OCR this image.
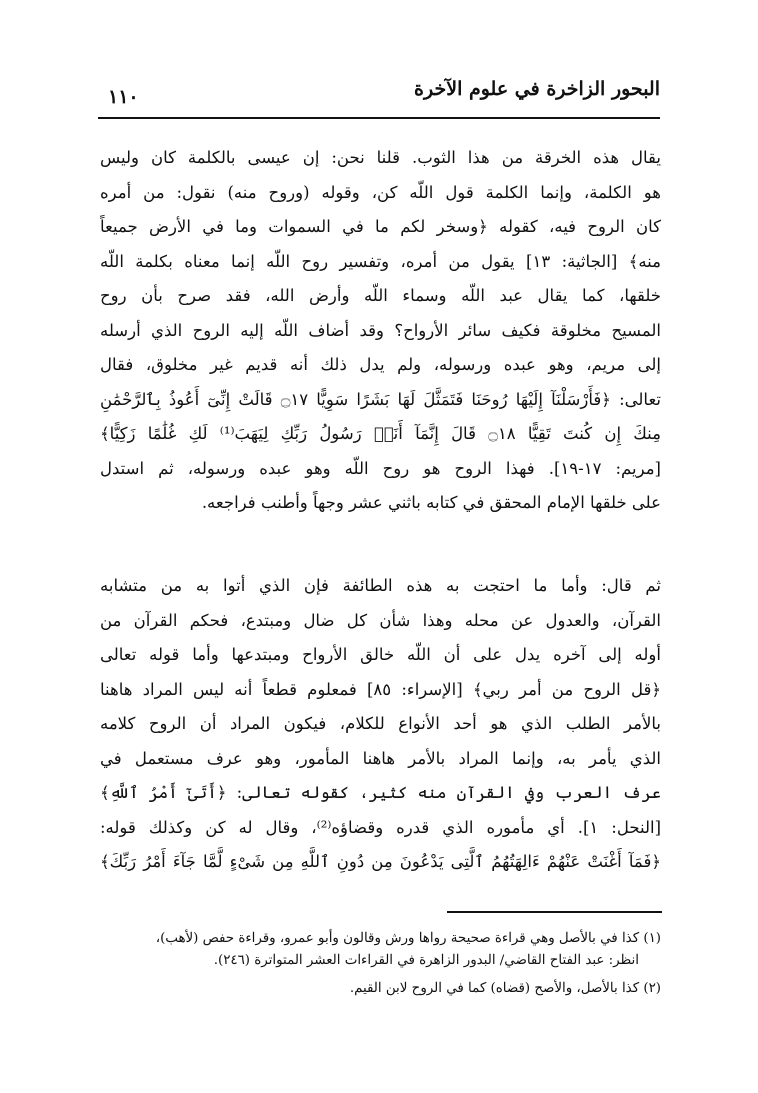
البحور الزاخرة في علوم الآخرة
١١٠
يقال هذه الخرقة من هذا الثوب. قلنا نحن: إن عيسى بالكلمة كان وليس
هو الكلمة، وإنما الكلمة قول اللّه كن، وقوله (وروح منه) نقول: من أمره
كان الروح فيه، كقوله ﴿وسخر لكم ما في السموات وما في الأرض جميعاً
منه﴾ [الجاثية: ١٣] يقول من أمره، وتفسير روح اللّه إنما معناه بكلمة اللّه
خلقها، كما يقال عبد اللّه وسماء اللّه وأرض الله، فقد صرح بأن روح
المسيح مخلوقة فكيف سائر الأرواح؟ وقد أضاف اللّه إليه الروح الذي أرسله
إلى مريم، وهو عبده ورسوله، ولم يدل ذلك أنه قديم غير مخلوق، فقال
تعالى: ﴿فَأَرْسَلْنَآ إِلَيْهَا رُوحَنَا فَتَمَثَّلَ لَهَا بَشَرًا سَوِيًّا ۝١٧ قَالَتْ إِنِّىٓ أَعُوذُ بِٱلرَّحْمَٰنِ
مِنكَ إِن كُنتَ تَقِيًّا ۝١٨ قَالَ إِنَّمَآ أَنَا۠ رَسُولُ رَبِّكِ لِيَهَبَ⁽¹⁾ لَكِ غُلَٰمًا زَكِيًّا﴾
[مريم: ١٧-١٩]. فهذا الروح هو روح اللّه وهو عبده ورسوله، ثم استدل
على خلقها الإمام المحقق في كتابه باثني عشر وجهاً وأطنب فراجعه.
ثم قال: وأما ما احتجت به هذه الطائفة فإن الذي أتوا به من متشابه
القرآن، والعدول عن محله وهذا شأن كل ضال ومبتدع، فحكم القرآن من
أوله إلى آخره يدل على أن اللّه خالق الأرواح ومبتدعها وأما قوله تعالى
﴿قل الروح من أمر ربي﴾ [الإسراء: ٨٥] فمعلوم قطعاً أنه ليس المراد هاهنا
بالأمر الطلب الذي هو أحد الأنواع للكلام، فيكون المراد أن الروح كلامه
الذي يأمر به، وإنما المراد بالأمر هاهنا المأمور، وهو عرف مستعمل في
عرف العرب وفي القرآن منه كثير، كقوله تعالى: ﴿أَتَىٰٓ أَمْرُ ٱللَّهِ﴾
[النحل: ١]. أي مأموره الذي قدره وقضاؤه⁽²⁾، وقال له كن وكذلك قوله:
﴿فَمَآ أَغْنَتْ عَنْهُمْ ءَالِهَتُهُمُ ٱلَّتِى يَدْعُونَ مِن دُونِ ٱللَّهِ مِن شَىْءٍ لَّمَّا جَآءَ أَمْرُ رَبِّكَ﴾
(١) كذا في بالأصل وهي قراءة صحيحة رواها ورش وقالون وأبو عمرو، وقراءة حفص (لأهب)،
انظر: عبد الفتاح القاضي/ البدور الزاهرة في القراءات العشر المتواترة (٢٤٦).
(٢) كذا بالأصل، والأصح (قضاه) كما في الروح لابن القيم.
